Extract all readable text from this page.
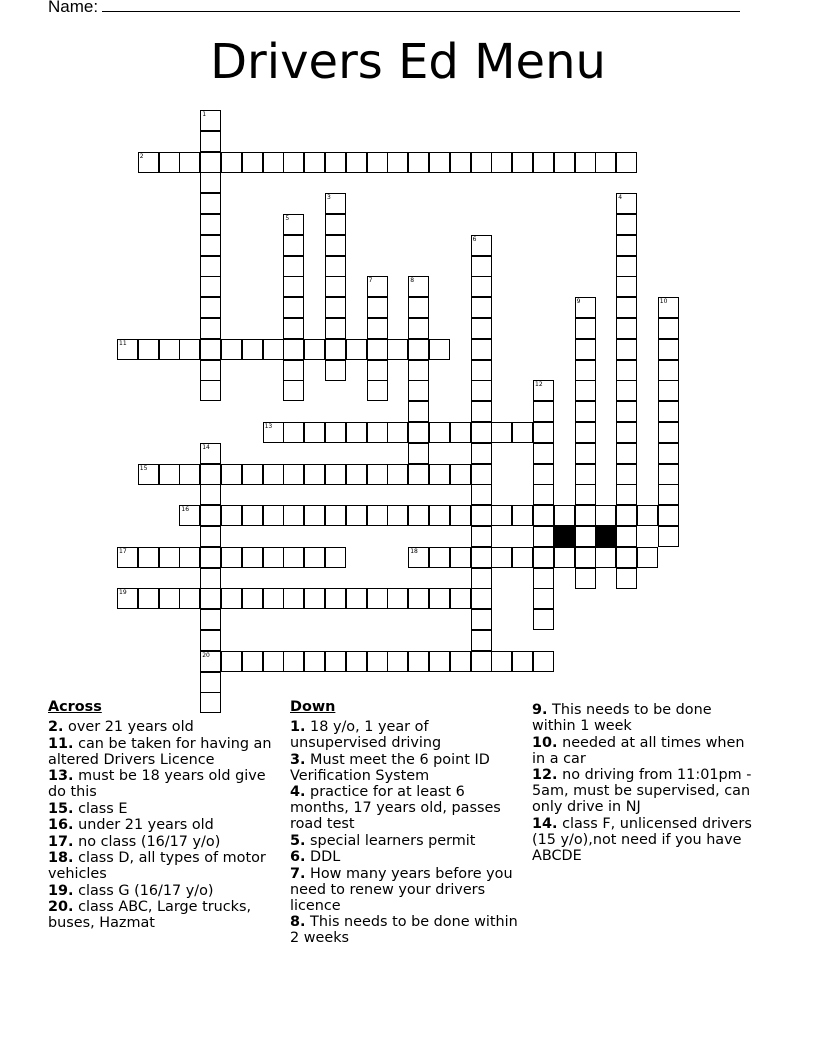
Name:
Drivers Ed Menu
1
2
3	4
5
6
7	8
9	10
11
12
13
14
20
15
16
17	18
19
Across
2. over 21 years old
11. can be taken for having an altered Drivers Licence
13. must be 18 years old give do this
15. class E
16. under 21 years old
17. no class (16/17 y/o)
18. class D, all types of motor vehicles
19. class G (16/17 y/o)
20. class ABC, Large trucks, buses, Hazmat
Down
1. 18 y/o, 1 year of unsupervised driving
3. Must meet the 6 point ID Verification System
4. practice for at least 6 months, 17 years old, passes road test
5. special learners permit
6. DDL
7. How many years before you need to renew your drivers licence
8. This needs to be done within 2 weeks
9. This needs to be done within 1 week
10. needed at all times when in a car
12. no driving from 11:01pm - 5am, must be supervised, can only drive in NJ
14. class F, unlicensed drivers (15 y/o),not need if you have ABCDE
